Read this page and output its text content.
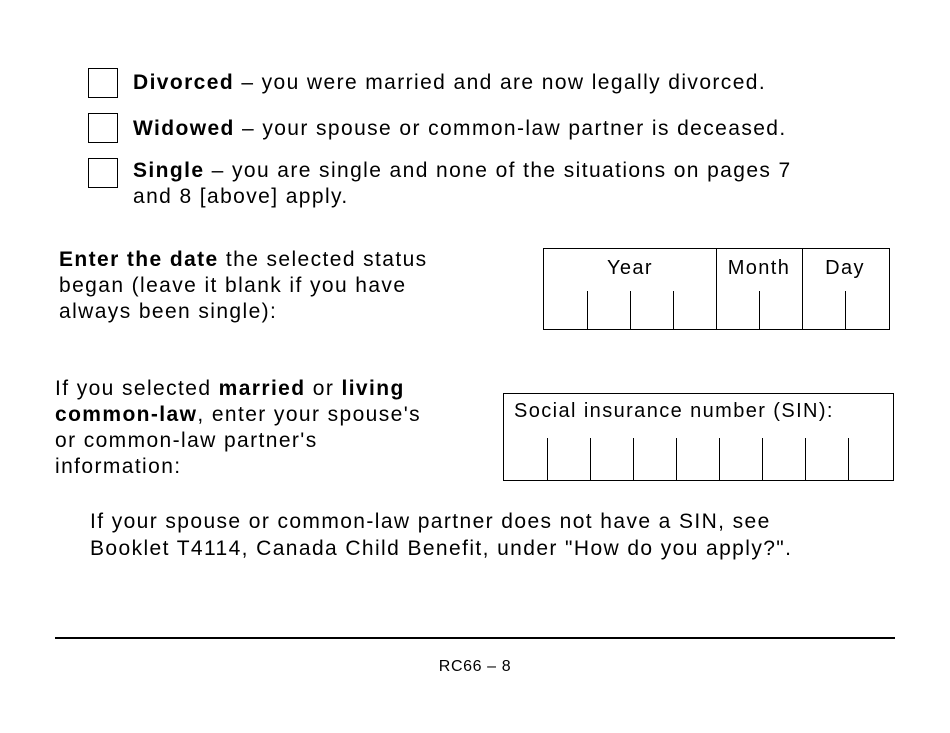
Divorced – you were married and are now legally divorced.
Widowed – your spouse or common-law partner is deceased.
Single – you are single and none of the situations on pages 7
and 8 [above] apply.
Enter the date the selected status
began (leave it blank if you have
always been single):
Year	Month	Day
If you selected married or living
common-law, enter your spouse's
or common-law partner's
information:
Social insurance number (SIN):
If your spouse or common-law partner does not have a SIN, see
Booklet T4114, Canada Child Benefit, under "How do you apply?".
RC66 – 8
